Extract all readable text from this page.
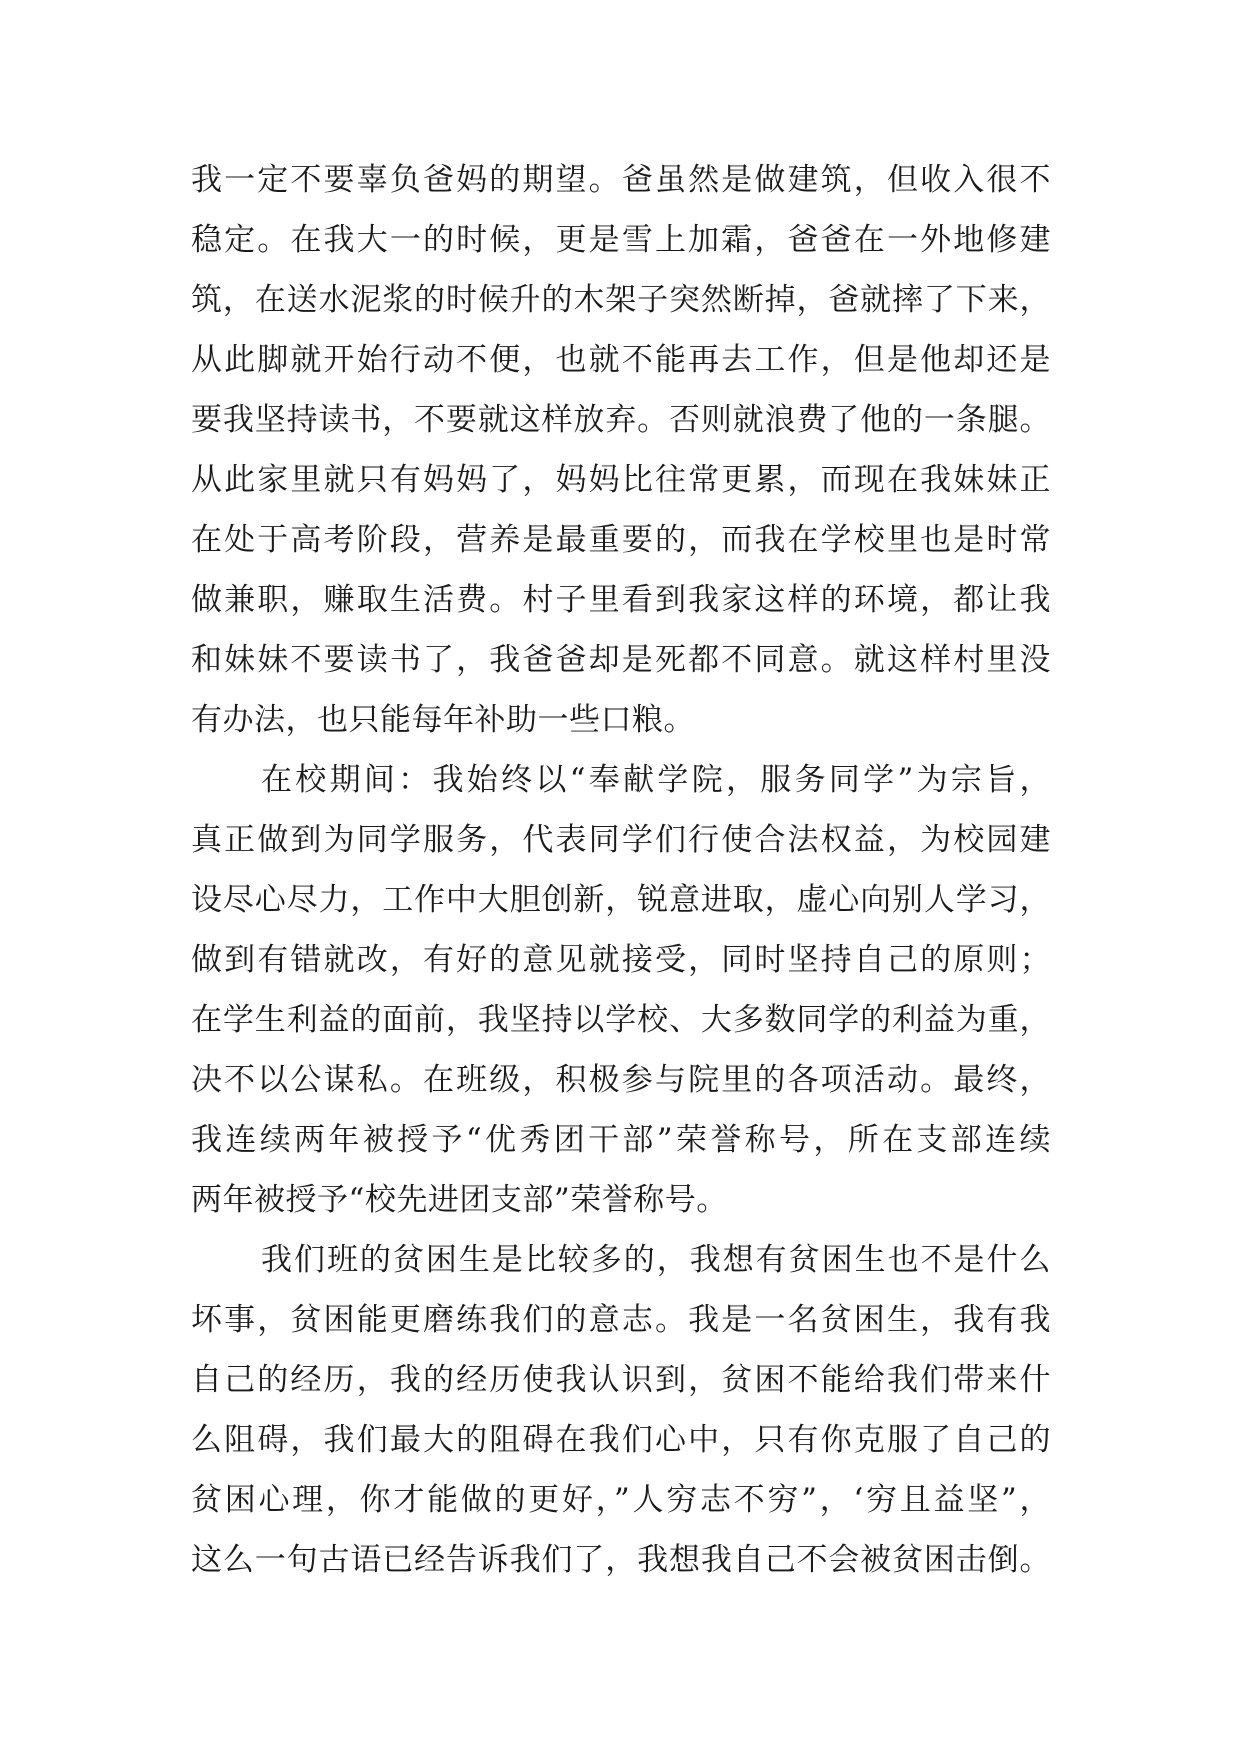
我一定不要辜负爸妈的期望。爸虽然是做建筑，但收入很不
稳定。在我大一的时候，更是雪上加霜，爸爸在一外地修建
筑，在送水泥浆的时候升的木架子突然断掉，爸就摔了下来，
从此脚就开始行动不便，也就不能再去工作，但是他却还是
要我坚持读书，不要就这样放弃。否则就浪费了他的一条腿。
从此家里就只有妈妈了，妈妈比往常更累，而现在我妹妹正
在处于高考阶段，营养是最重要的，而我在学校里也是时常
做兼职，赚取生活费。村子里看到我家这样的环境，都让我
和妹妹不要读书了，我爸爸却是死都不同意。就这样村里没
有办法，也只能每年补助一些口粮。
在校期间：我始终以“奉献学院，服务同学”为宗旨，
真正做到为同学服务，代表同学们行使合法权益，为校园建
设尽心尽力，工作中大胆创新，锐意进取，虚心向别人学习，
做到有错就改，有好的意见就接受，同时坚持自己的原则；
在学生利益的面前，我坚持以学校、大多数同学的利益为重，
决不以公谋私。在班级，积极参与院里的各项活动。最终，
我连续两年被授予“优秀团干部”荣誉称号，所在支部连续
两年被授予“校先进团支部”荣誉称号。
我们班的贫困生是比较多的，我想有贫困生也不是什么
坏事，贫困能更磨练我们的意志。我是一名贫困生，我有我
自己的经历，我的经历使我认识到，贫困不能给我们带来什
么阻碍，我们最大的阻碍在我们心中，只有你克服了自己的
贫困心理，你才能做的更好，”人穷志不穷”，‘穷且益坚”，
这么一句古语已经告诉我们了，我想我自己不会被贫困击倒。
